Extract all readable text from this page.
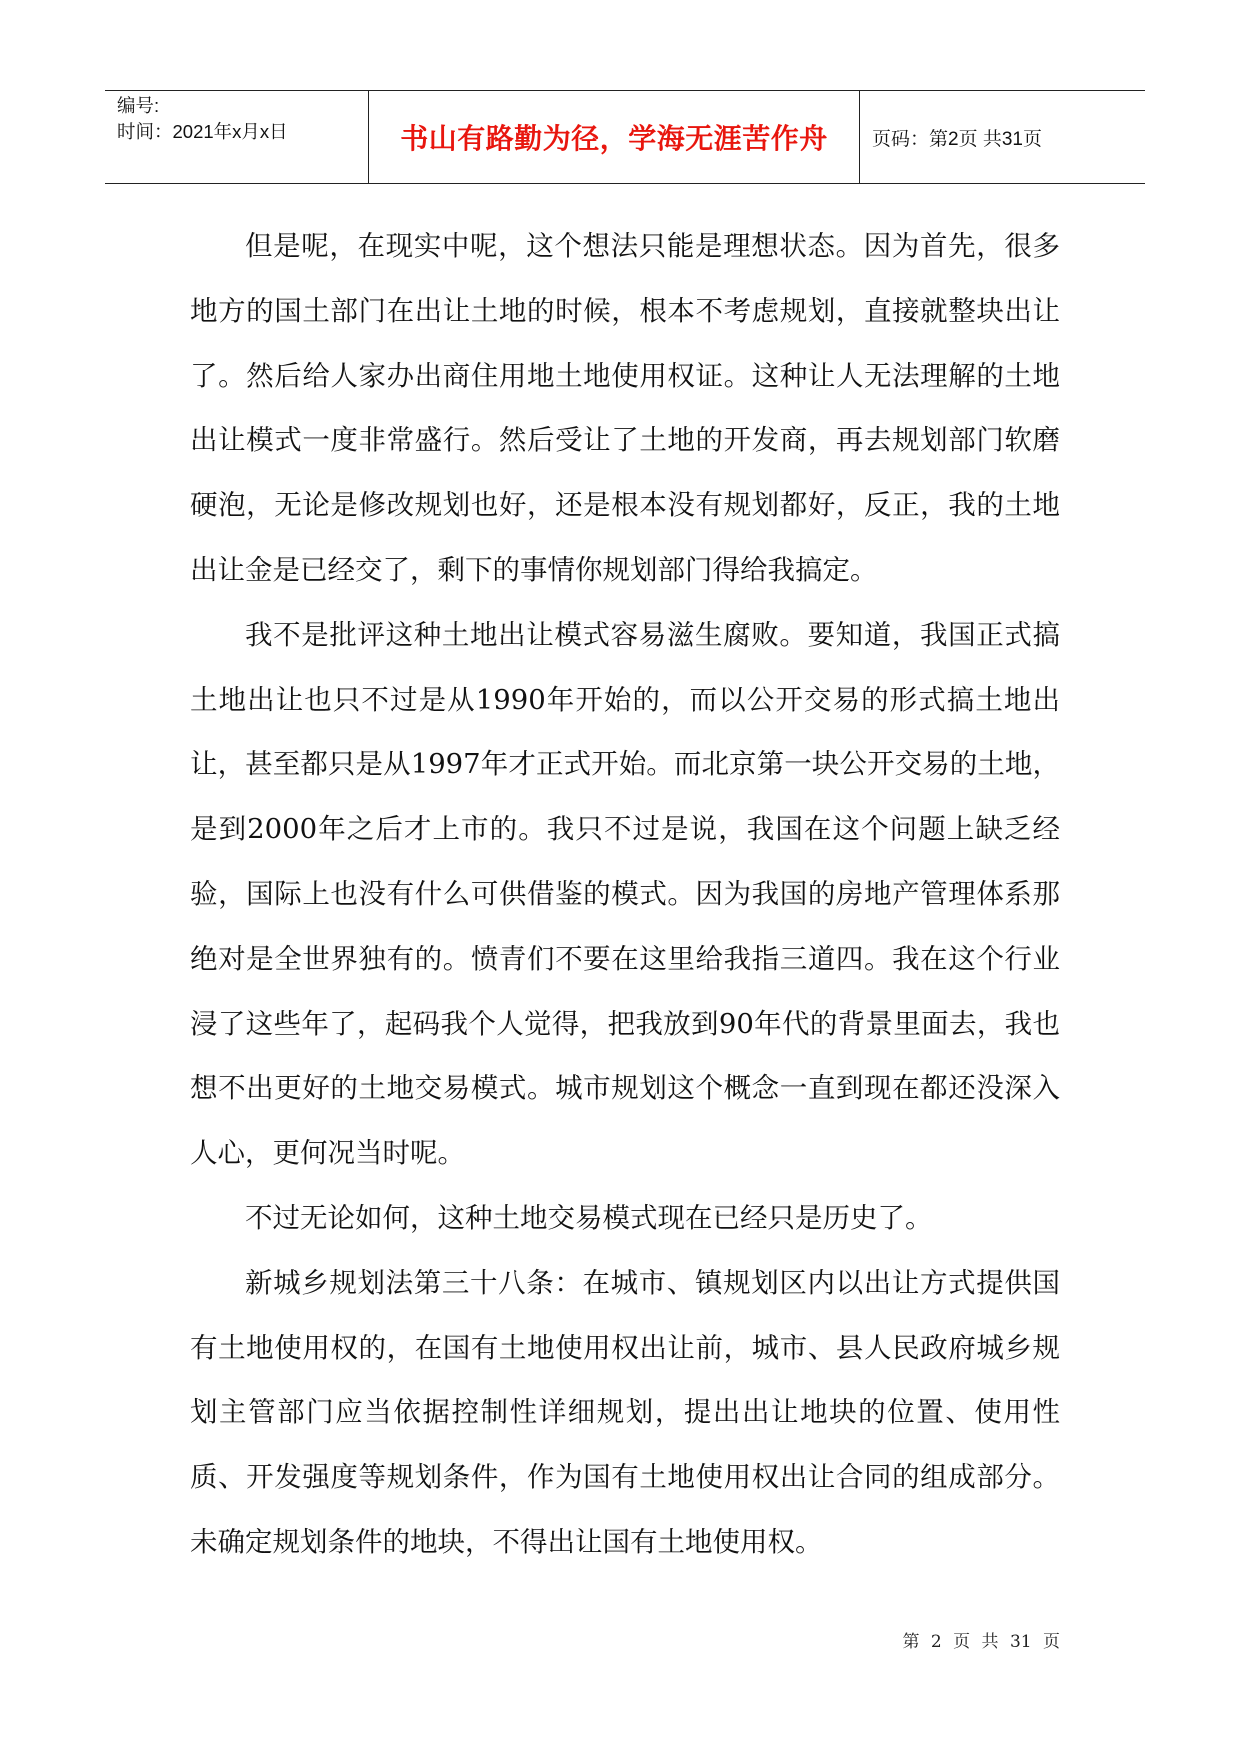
编号:
时间：2021年x月x日	书山有路勤为径，学海无涯苦作舟	页码：第2页 共31页

但是呢，在现实中呢，这个想法只能是理想状态。因为首先，很多地方的国土部门在出让土地的时候，根本不考虑规划，直接就整块出让了。然后给人家办出商住用地土地使用权证。这种让人无法理解的土地出让模式一度非常盛行。然后受让了土地的开发商，再去规划部门软磨硬泡，无论是修改规划也好，还是根本没有规划都好，反正，我的土地出让金是已经交了，剩下的事情你规划部门得给我搞定。

我不是批评这种土地出让模式容易滋生腐败。要知道，我国正式搞土地出让也只不过是从1990年开始的，而以公开交易的形式搞土地出让，甚至都只是从1997年才正式开始。而北京第一块公开交易的土地，是到2000年之后才上市的。我只不过是说，我国在这个问题上缺乏经验，国际上也没有什么可供借鉴的模式。因为我国的房地产管理体系那绝对是全世界独有的。愤青们不要在这里给我指三道四。我在这个行业浸了这些年了，起码我个人觉得，把我放到90年代的背景里面去，我也想不出更好的土地交易模式。城市规划这个概念一直到现在都还没深入人心，更何况当时呢。

不过无论如何，这种土地交易模式现在已经只是历史了。

新城乡规划法第三十八条：在城市、镇规划区内以出让方式提供国有土地使用权的，在国有土地使用权出让前，城市、县人民政府城乡规划主管部门应当依据控制性详细规划，提出出让地块的位置、使用性质、开发强度等规划条件，作为国有土地使用权出让合同的组成部分。未确定规划条件的地块，不得出让国有土地使用权。

第 2 页 共 31 页
